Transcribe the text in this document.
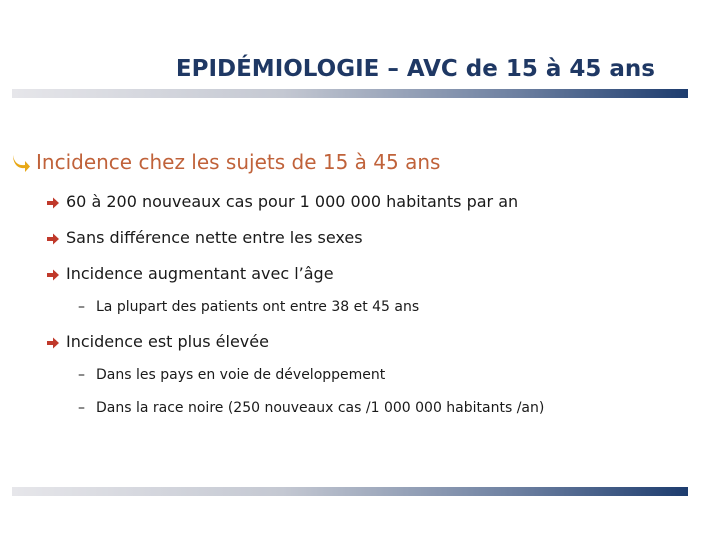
EPIDÉMIOLOGIE – AVC de 15 à 45 ans
Incidence chez les sujets de 15 à 45 ans
60 à 200 nouveaux cas pour 1 000 000 habitants par an
Sans différence nette entre les sexes
Incidence augmentant avec l’âge
– La plupart des patients ont entre 38 et 45 ans
Incidence est plus élevée
– Dans les pays en voie de développement
– Dans la race noire (250 nouveaux cas /1 000 000 habitants /an)
